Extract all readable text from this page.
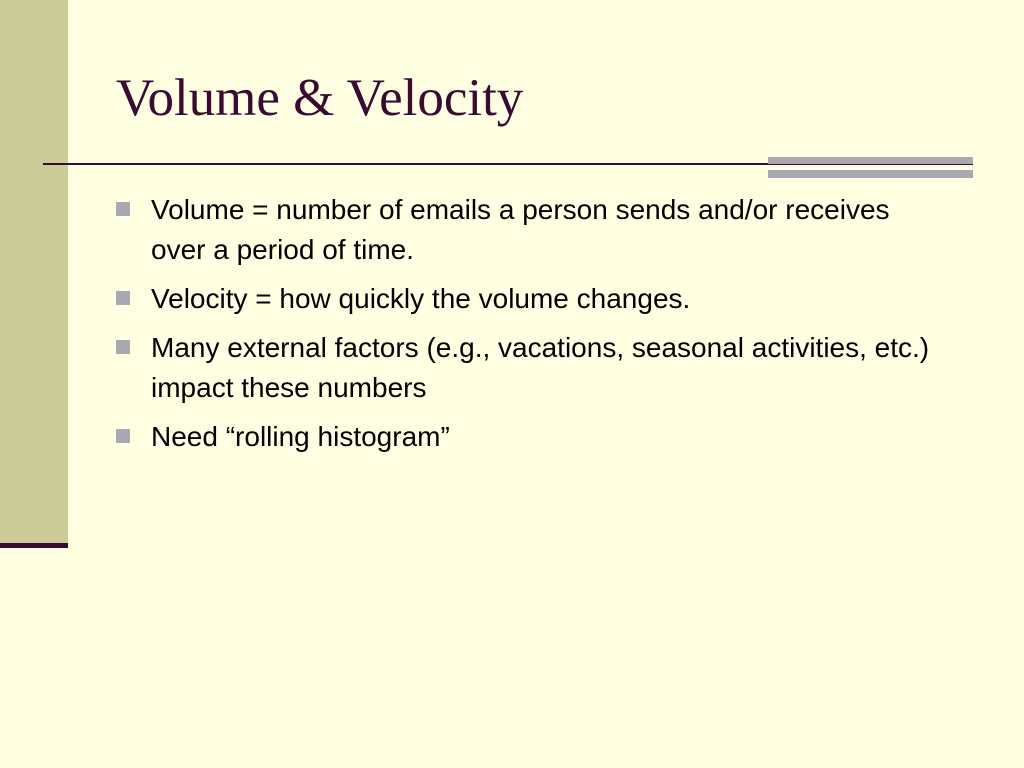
Volume & Velocity
Volume = number of emails a person sends and/or receives over a period of time.
Velocity = how quickly the volume changes.
Many external factors (e.g., vacations, seasonal activities, etc.) impact these numbers
Need “rolling histogram”
